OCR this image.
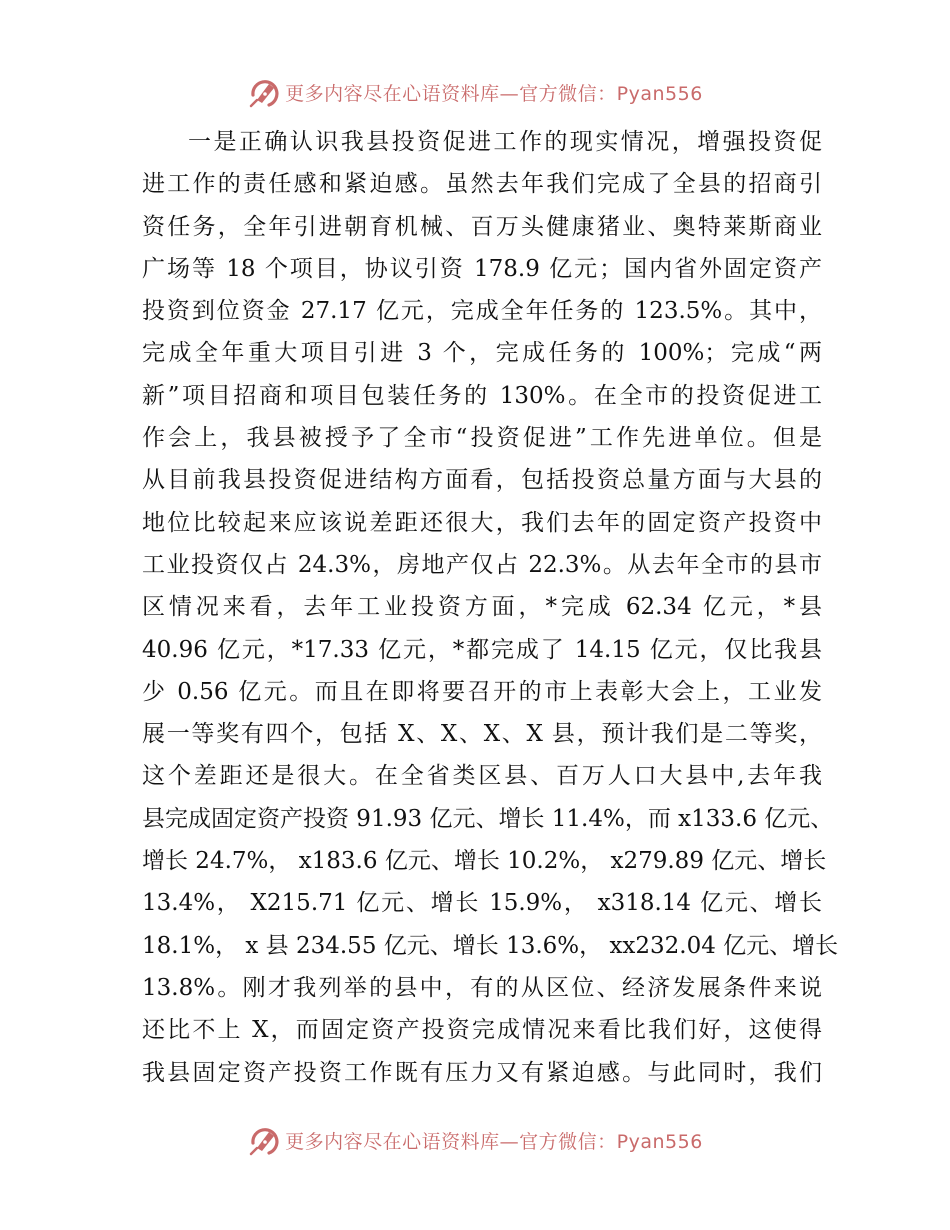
更多内容尽在心语资料库—官方微信：Pyan556
一是正确认识我县投资促进工作的现实情况，增强投资促
进工作的责任感和紧迫感。虽然去年我们完成了全县的招商引
资任务，全年引进朝育机械、百万头健康猪业、奥特莱斯商业
广场等 18 个项目，协议引资 178.9 亿元；国内省外固定资产
投资到位资金 27.17 亿元，完成全年任务的 123.5%。其中，
完成全年重大项目引进 3 个，完成任务的 100%；完成“两
新”项目招商和项目包装任务的 130%。在全市的投资促进工
作会上，我县被授予了全市“投资促进”工作先进单位。但是
从目前我县投资促进结构方面看，包括投资总量方面与大县的
地位比较起来应该说差距还很大，我们去年的固定资产投资中
工业投资仅占 24.3%，房地产仅占 22.3%。从去年全市的县市
区情况来看，去年工业投资方面，*完成 62.34 亿元，*县
40.96 亿元，*17.33 亿元，*都完成了 14.15 亿元，仅比我县
少 0.56 亿元。而且在即将要召开的市上表彰大会上，工业发
展一等奖有四个，包括 X、X、X、X 县，预计我们是二等奖，
这个差距还是很大。在全省类区县、百万人口大县中,去年我
县完成固定资产投资 91.93 亿元、增长 11.4%，而 x133.6 亿元、
增长 24.7%， x183.6 亿元、增长 10.2%， x279.89 亿元、增长
13.4%， X215.71 亿元、增长 15.9%， x318.14 亿元、增长
18.1%， x 县 234.55 亿元、增长 13.6%， xx232.04 亿元、增长
13.8%。刚才我列举的县中，有的从区位、经济发展条件来说
还比不上 X，而固定资产投资完成情况来看比我们好，这使得
我县固定资产投资工作既有压力又有紧迫感。与此同时，我们
更多内容尽在心语资料库—官方微信：Pyan556
